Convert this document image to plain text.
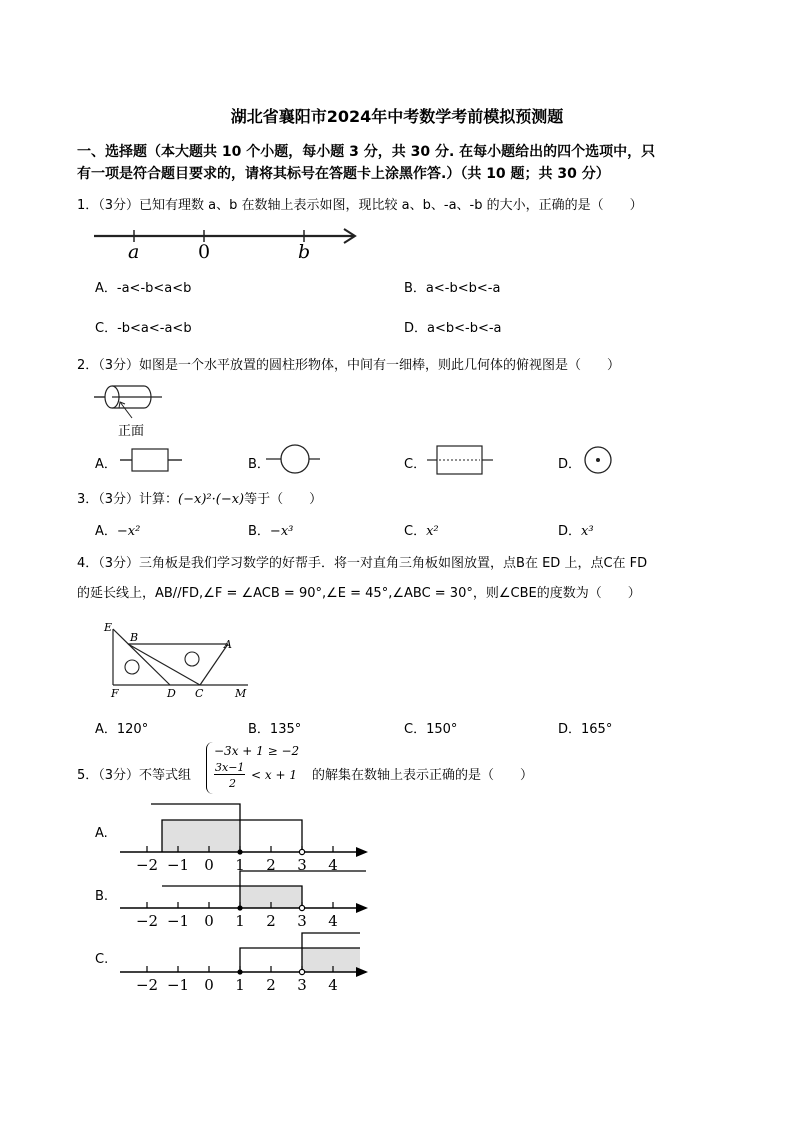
湖北省襄阳市2024年中考数学考前模拟预测题
一、选择题（本大题共 10 个小题，每小题 3 分，共 30 分. 在每小题给出的四个选项中，只
有一项是符合题目要求的，请将其标号在答题卡上涂黑作答.）（共 10 题；共 30 分）
1．（3分）已知有理数 a、b 在数轴上表示如图，现比较 a、b、-a、-b 的大小，正确的是（　　）
a	0	b
A．-a<-b<a<b	B．a<-b<b<-a
C．-b<a<-a<b	D．a<b<-b<-a
2．（3分）如图是一个水平放置的圆柱形物体，中间有一细棒，则此几何体的俯视图是（　　）
正面
A．	B．	C．	D．
3．（3分）计算：(−x)²·(−x)等于（　　）
A．−x²	B．−x³	C．x²	D．x³
4．（3分）三角板是我们学习数学的好帮手．将一对直角三角板如图放置，点B在 ED 上，点C在 FD
的延长线上，AB//FD,∠F = ∠ACB = 90°,∠E = 45°,∠ABC = 30°，则∠CBE的度数为（　　）
E
B
A
F	D C	M
A．120°	B．135°	C．150°	D．165°
5．（3分）不等式组
−3x + 1 ≥ −2
3x−1
2
< x + 1 的解集在数轴上表示正确的是（　　）
A.
−2 −1 0 1 2 3 4
B.
−2 −1 0 1 2 3 4
C.
−2 −1 0 1 2 3 4
